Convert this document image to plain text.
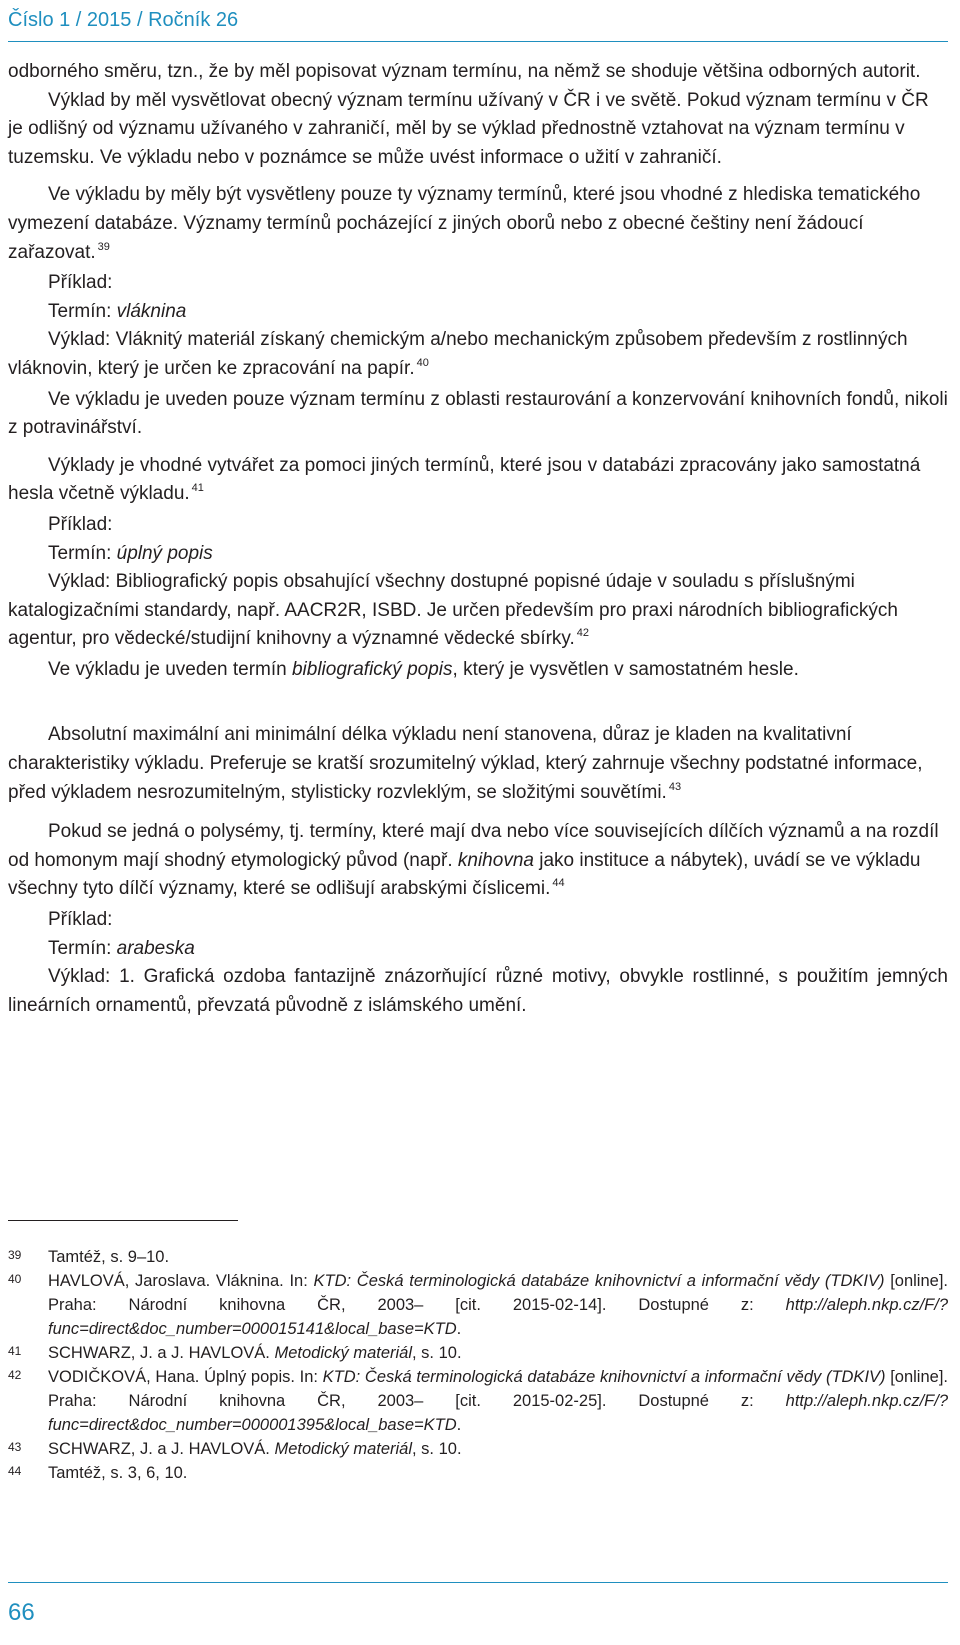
Číslo 1 / 2015 / Ročník 26

odborného směru, tzn., že by měl popisovat význam termínu, na němž se shoduje většina odborných autorit.

Výklad by měl vysvětlovat obecný význam termínu užívaný v ČR i ve světě. Pokud význam termínu v ČR je odlišný od významu užívaného v zahraničí, měl by se výklad přednostně vztahovat na význam termínu v tuzemsku. Ve výkladu nebo v poznámce se může uvést informace o užití v zahraničí.

Ve výkladu by měly být vysvětleny pouze ty významy termínů, které jsou vhodné z hlediska tematického vymezení databáze. Významy termínů pocházející z jiných oborů nebo z obecné češtiny není žádoucí zařazovat. $^{39}$

Příklad:

Termín: vláknina

Výklad: Vláknitý materiál získaný chemickým a/nebo mechanickým způsobem především z rostlinných vláknovin, který je určen ke zpracování na papír. $^{40}$

Ve výkladu je uveden pouze význam termínu z oblasti restaurování a konzervování knihovních fondů, nikoli z potravinářství.

Výklady je vhodné vytvářet za pomoci jiných termínů, které jsou v databázi zpracovány jako samostatná hesla včetně výkladu. $^{41}$

Příklad:

Termín: úplný popis

Výklad: Bibliografický popis obsahující všechny dostupné popisné údaje v souladu s příslušnými katalogizačními standardy, např. AACR2R, ISBD. Je určen především pro praxi národních bibliografických agentur, pro vědecké/studijní knihovny a významné vědecké sbírky. $^{42}$

Ve výkladu je uveden termín bibliografický popis, který je vysvětlen v samostatném hesle.

Absolutní maximální ani minimální délka výkladu není stanovena, důraz je kladen na kvalitativní charakteristiky výkladu. Preferuje se kratší srozumitelný výklad, který zahrnuje všechny podstatné informace, před výkladem nesrozumitelným, stylisticky rozvleklým, se složitými souvětími. $^{43}$

Pokud se jedná o polysémy, tj. termíny, které mají dva nebo více souvisejících dílčích významů a na rozdíl od homonym mají shodný etymologický původ (např. knihovna jako instituce a nábytek), uvádí se ve výkladu všechny tyto dílčí významy, které se odlišují arabskými číslicemi. $^{44}$

Příklad:

Termín: arabeska

Výklad: 1. Grafická ozdoba fantazijně znázorňující různé motivy, obvykle rostlinné, s použitím jemných lineárních ornamentů, převzatá původně z islámského umění.

39 Tamtéž, s. 9–10.

40 HAVLOVÁ, Jaroslava. Vláknina. In: KTD: Česká terminologická databáze knihovnictví a informační vědy (TDKIV) [online]. Praha: Národní knihovna ČR, 2003– [cit. 2015-02-14]. Dostupné z: http://aleph.nkp.cz/F/?func=direct&doc_number=000015141&local_base=KTD.

41 SCHWARZ, J. a J. HAVLOVÁ. Metodický materiál, s. 10.

42 VODIČKOVÁ, Hana. Úplný popis. In: KTD: Česká terminologická databáze knihovnictví a informační vědy (TDKIV) [online]. Praha: Národní knihovna ČR, 2003– [cit. 2015-02-25]. Dostupné z: http://aleph.nkp.cz/F/?func=direct&doc_number=000001395&local_base=KTD.

43 SCHWARZ, J. a J. HAVLOVÁ. Metodický materiál, s. 10.

44 Tamtéž, s. 3, 6, 10.

66
